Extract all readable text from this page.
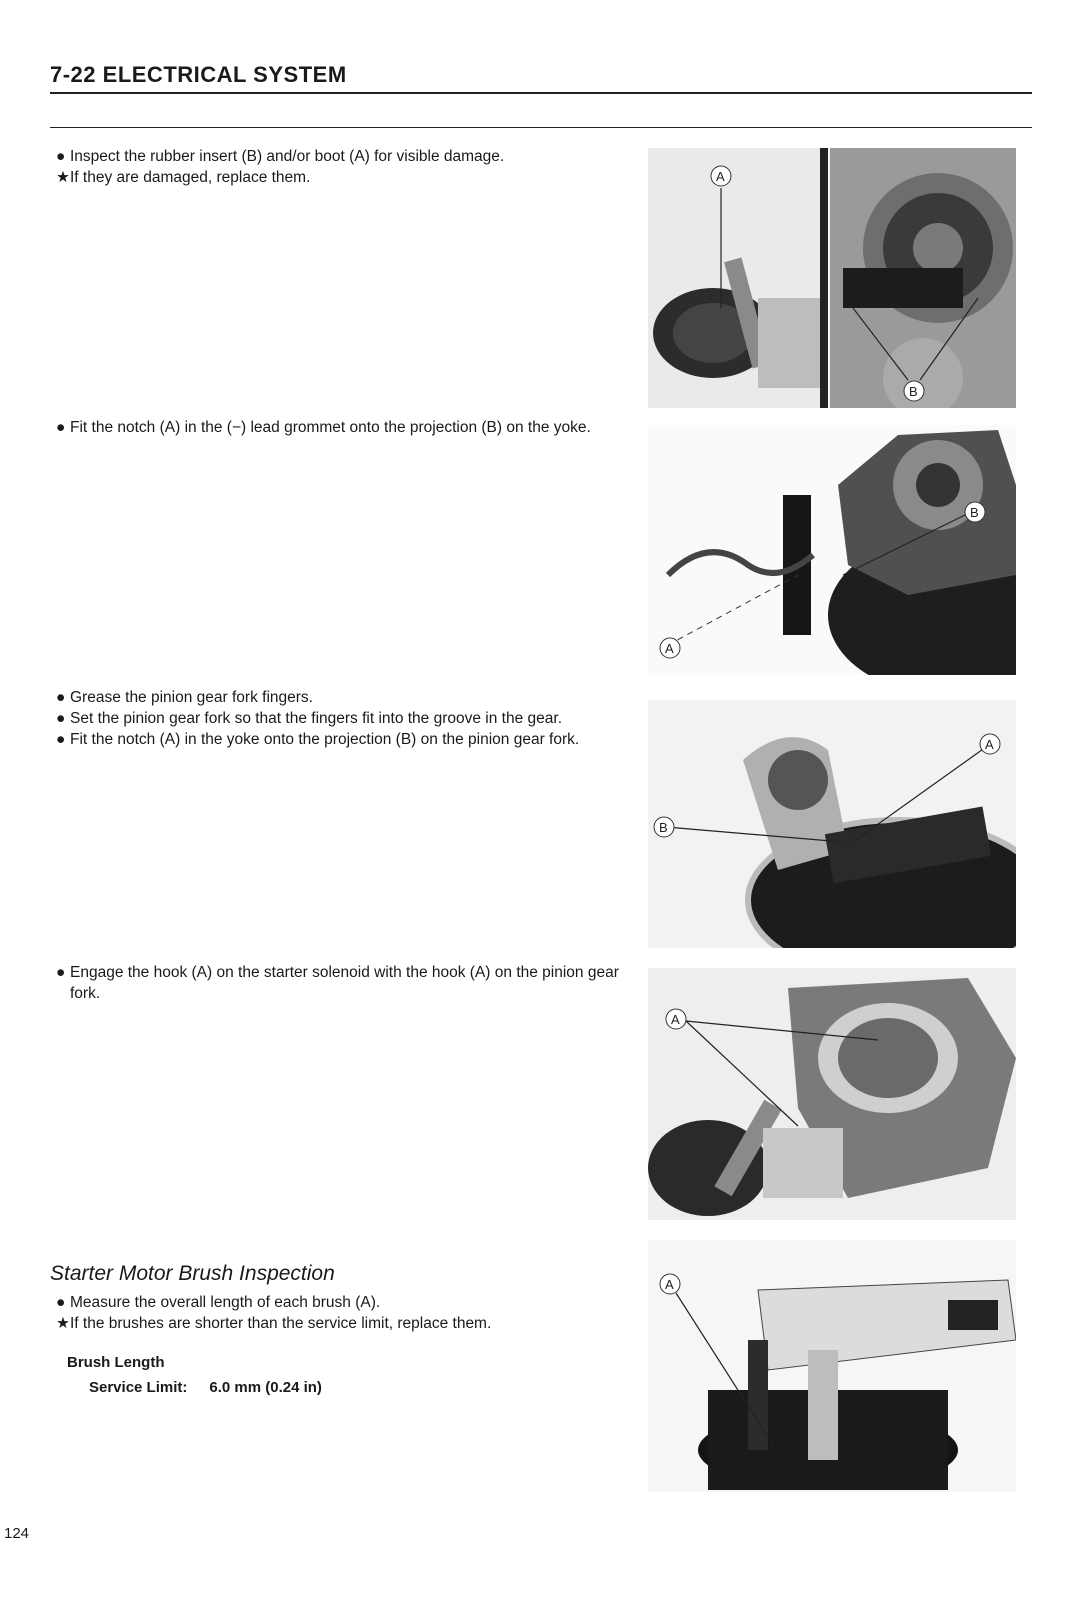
7-22 ELECTRICAL SYSTEM

● Inspect the rubber insert (B) and/or boot (A) for visible damage.

★ If they are damaged, replace them.

● Fit the notch (A) in the (−) lead grommet onto the projection (B) on the yoke.

● Grease the pinion gear fork fingers.

● Set the pinion gear fork so that the fingers fit into the groove in the gear.

● Fit the notch (A) in the yoke onto the projection (B) on the pinion gear fork.

● Engage the hook (A) on the starter solenoid with the hook (A) on the pinion gear fork.

Starter Motor Brush Inspection

● Measure the overall length of each brush (A).

★ If the brushes are shorter than the service limit, replace them.

Brush Length
Service Limit: 6.0 mm (0.24 in)
A
B
A
B
B
A
A
A
124
